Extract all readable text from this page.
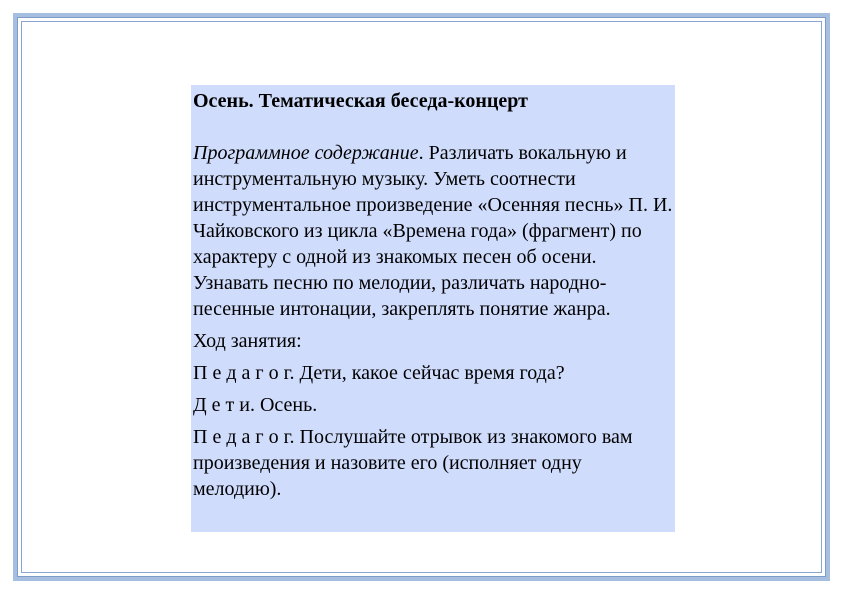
Осень. Тематическая беседа-концерт

Программное содержание. Различать вокальную и инструментальную музыку. Уметь соотнести инструментальное произведение «Осенняя песнь» П. И. Чайковского из цикла «Времена года» (фрагмент) по характеру с одной из знакомых песен об осени. Узнавать песню по мелодии, различать народно-песенные интонации, закреплять понятие жанра.

Ход занятия:

П е д а г о г. Дети, какое сейчас время года?

Д е т и. Осень.

П е д а г о г. Послушайте отрывок из знакомого вам произведения и назовите его (исполняет одну мелодию).
